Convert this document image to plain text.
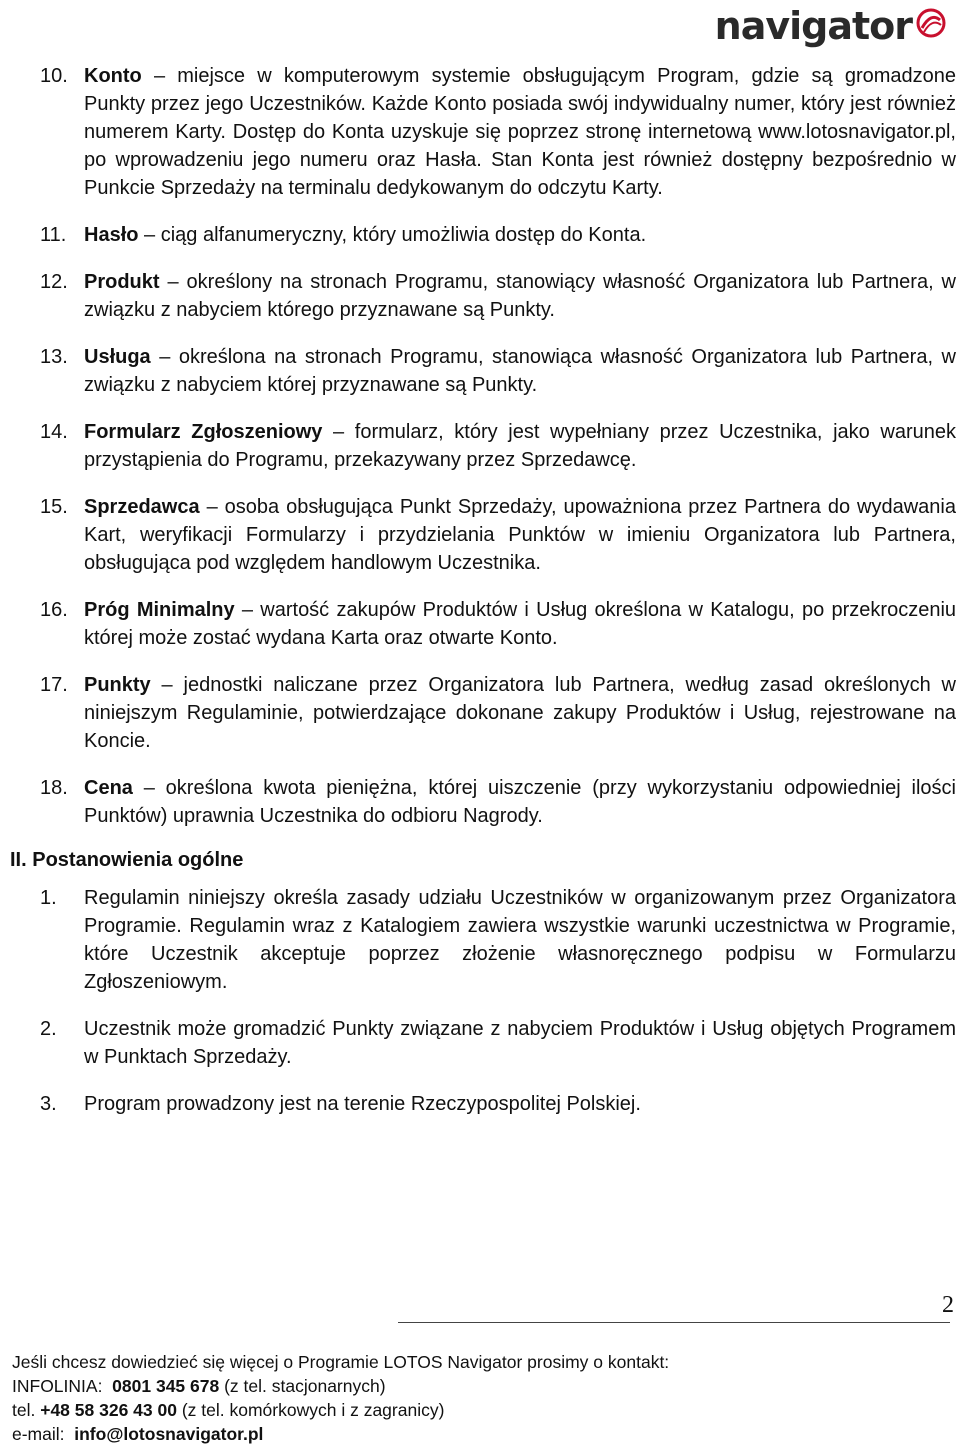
navigator
10. Konto – miejsce w komputerowym systemie obsługującym Program, gdzie są gromadzone Punkty przez jego Uczestników. Każde Konto posiada swój indywidualny numer, który jest również numerem Karty. Dostęp do Konta uzyskuje się poprzez stronę internetową www.lotosnavigator.pl, po wprowadzeniu jego numeru oraz Hasła. Stan Konta jest również dostępny bezpośrednio w Punkcie Sprzedaży na terminalu dedykowanym do odczytu Karty.
11. Hasło – ciąg alfanumeryczny, który umożliwia dostęp do Konta.
12. Produkt – określony na stronach Programu, stanowiący własność Organizatora lub Partnera, w związku z nabyciem którego przyznawane są Punkty.
13. Usługa – określona na stronach Programu, stanowiąca własność Organizatora lub Partnera, w związku z nabyciem której przyznawane są Punkty.
14. Formularz Zgłoszeniowy – formularz, który jest wypełniany przez Uczestnika, jako warunek przystąpienia do Programu, przekazywany przez Sprzedawcę.
15. Sprzedawca – osoba obsługująca Punkt Sprzedaży, upoważniona przez Partnera do wydawania Kart, weryfikacji Formularzy i przydzielania Punktów w imieniu Organizatora lub Partnera, obsługująca pod względem handlowym Uczestnika.
16. Próg Minimalny – wartość zakupów Produktów i Usług określona w Katalogu, po przekroczeniu której może zostać wydana Karta oraz otwarte Konto.
17. Punkty – jednostki naliczane przez Organizatora lub Partnera, według zasad określonych w niniejszym Regulaminie, potwierdzające dokonane zakupy Produktów i Usług, rejestrowane na Koncie.
18. Cena – określona kwota pieniężna, której uiszczenie (przy wykorzystaniu odpowiedniej ilości Punktów) uprawnia Uczestnika do odbioru Nagrody.
II. Postanowienia ogólne
1.	Regulamin niniejszy określa zasady udziału Uczestników w organizowanym przez Organizatora Programie. Regulamin wraz z Katalogiem zawiera wszystkie warunki uczestnictwa w Programie, które Uczestnik akceptuje poprzez złożenie własnoręcznego podpisu w Formularzu Zgłoszeniowym.
2.	Uczestnik może gromadzić Punkty związane z nabyciem Produktów i Usług objętych Programem w Punktach Sprzedaży.
3.	Program prowadzony jest na terenie Rzeczypospolitej Polskiej.
2
Jeśli chcesz dowiedzieć się więcej o Programie LOTOS Navigator prosimy o kontakt:
INFOLINIA: 0801 345 678 (z tel. stacjonarnych)
tel. +48 58 326 43 00 (z tel. komórkowych i z zagranicy)
e-mail: info@lotosnavigator.pl
